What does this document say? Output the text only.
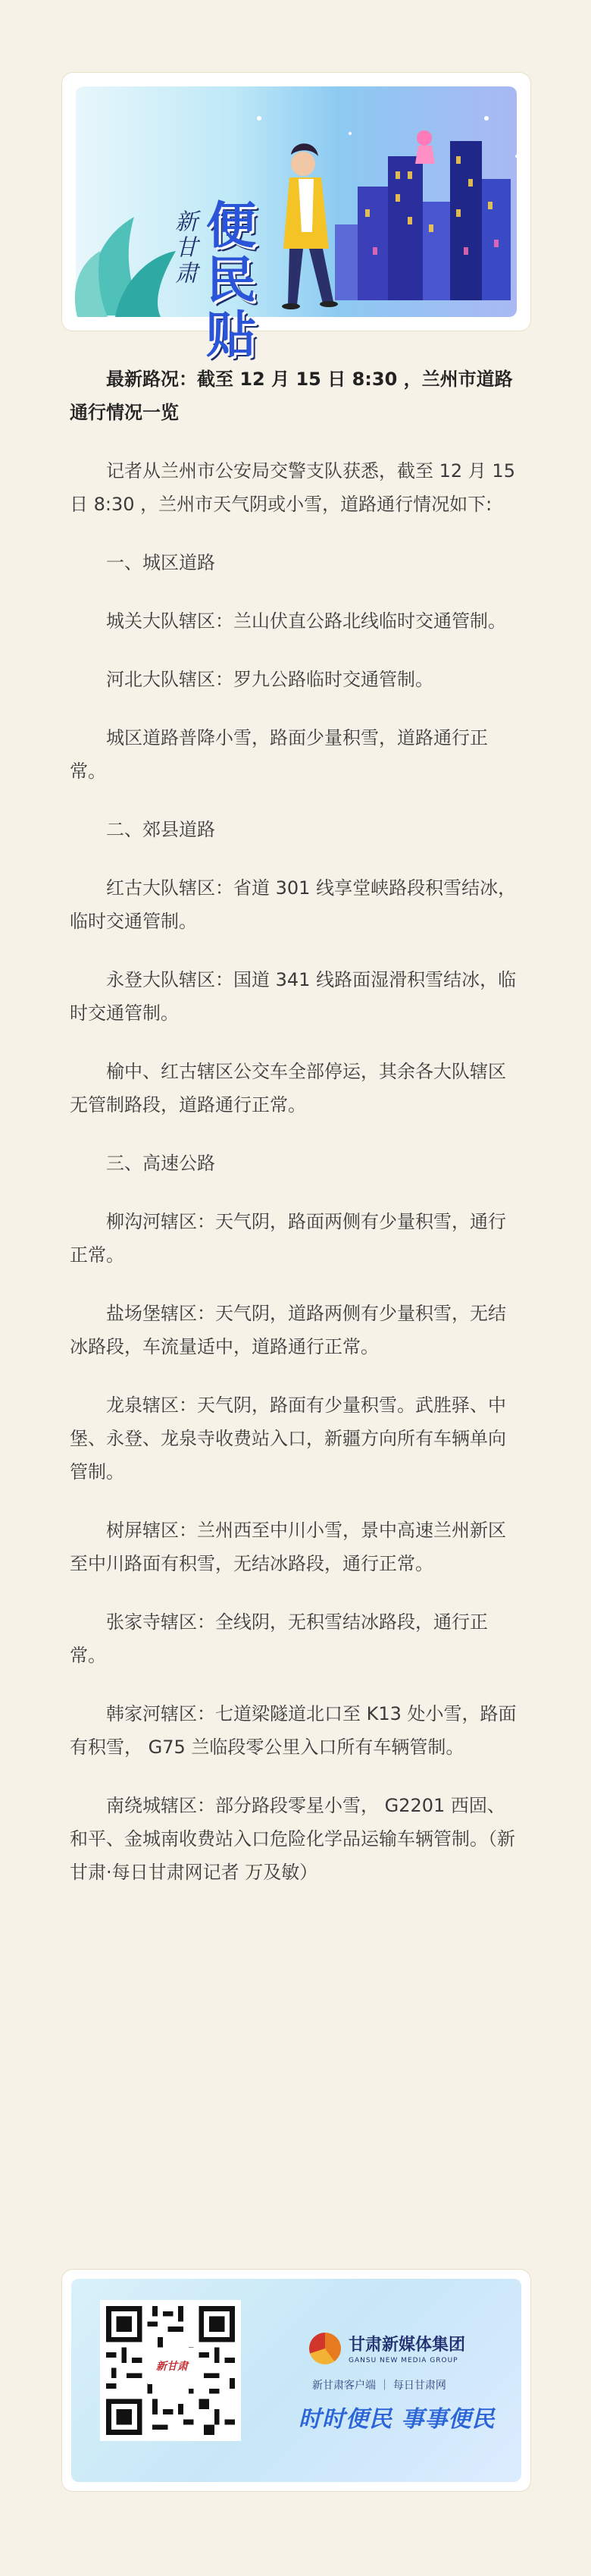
新甘肃 便民贴

最新路况：截至 12 月 15 日 8:30 ，兰州市道路通行情况一览

记者从兰州市公安局交警支队获悉，截至 12 月 15 日 8:30 ，兰州市天气阴或小雪，道路通行情况如下:

一、城区道路

城关大队辖区：兰山伏直公路北线临时交通管制。

河北大队辖区：罗九公路临时交通管制。

城区道路普降小雪，路面少量积雪，道路通行正常。

二、郊县道路

红古大队辖区：省道 301 线享堂峡路段积雪结冰，临时交通管制。

永登大队辖区：国道 341 线路面湿滑积雪结冰，临时交通管制。

榆中、红古辖区公交车全部停运，其余各大队辖区无管制路段，道路通行正常。

三、高速公路

柳沟河辖区：天气阴，路面两侧有少量积雪，通行正常。

盐场堡辖区：天气阴，道路两侧有少量积雪，无结冰路段，车流量适中，道路通行正常。

龙泉辖区：天气阴，路面有少量积雪。武胜驿、中堡、永登、龙泉寺收费站入口，新疆方向所有车辆单向管制。

树屏辖区：兰州西至中川小雪，景中高速兰州新区至中川路面有积雪，无结冰路段，通行正常。

张家寺辖区：全线阴，无积雪结冰路段，通行正常。

韩家河辖区：七道梁隧道北口至 K13 处小雪，路面有积雪， G75 兰临段零公里入口所有车辆管制。

南绕城辖区：部分路段零星小雪， G2201 西固、和平、金城南收费站入口危险化学品运输车辆管制。（新甘肃·每日甘肃网记者 万及敏）

新甘肃
甘肃新媒体集团
GANSU NEW MEDIA GROUP
新甘肃客户端 ｜ 每日甘肃网
时时便民 事事便民
